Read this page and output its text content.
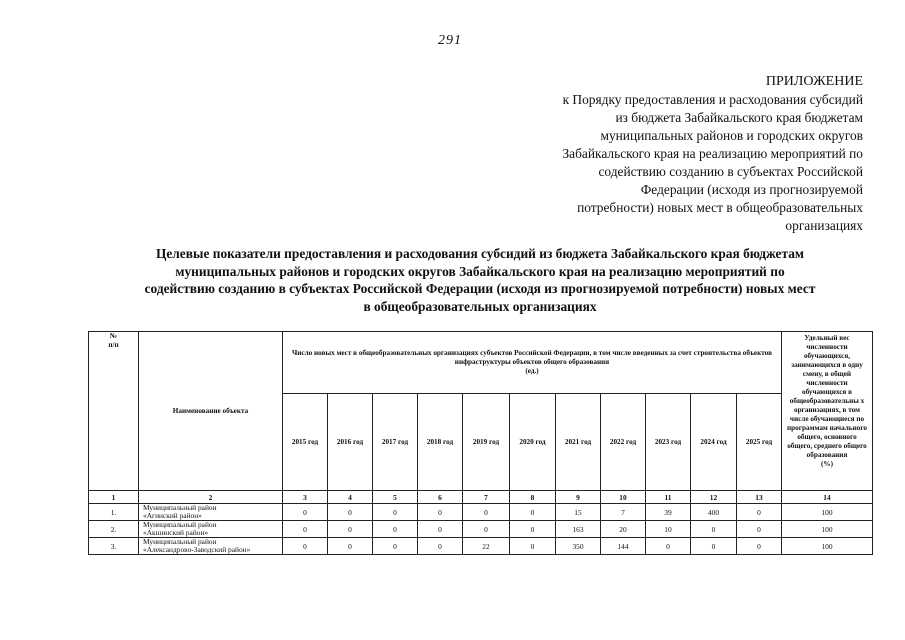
291
ПРИЛОЖЕНИЕ
к Порядку предоставления и расходования субсидий
из бюджета Забайкальского края бюджетам
муниципальных районов и городских округов
Забайкальского края на реализацию мероприятий по
содействию созданию в субъектах Российской
Федерации (исходя из прогнозируемой
потребности) новых мест в общеобразовательных
организациях
Целевые показатели предоставления и расходования субсидий из бюджета Забайкальского края бюджетам
муниципальных районов и городских округов Забайкальского края на реализацию мероприятий по
содействию созданию в субъектах Российской Федерации (исходя из прогнозируемой потребности) новых мест
в общеобразовательных организациях
№
п/п	Наименование объекта	Число новых мест в общеобразовательных организациях субъектов Российской Федерации, в том числе введенных за счет строительства объектов инфраструктуры объектов общего образования
(ед.)											Удельный вес численности обучающихся, занимающихся в одну смену, в общей численности обучающихся в общеобразовательны х организациях, в том числе обучающиеся по программам начального общего, основного общего, среднего общего образования
(%)
		2015 год	2016 год	2017 год	2018 год	2019 год	2020 год	2021 год	2022 год	2023 год	2024 год	2025 год	
1	2	3	4	5	6	7	8	9	10	11	12	13	14
1.	Муниципальный район
«Агинский район»	0	0	0	0	0	0	15	7	39	400	0	100
2.	Муниципальный район
«Акшинский район»	0	0	0	0	0	0	163	20	10	0	0	100
3.	Муниципальный район
«Александрово-Заводский район»	0	0	0	0	22	0	350	144	0	0	0	100
